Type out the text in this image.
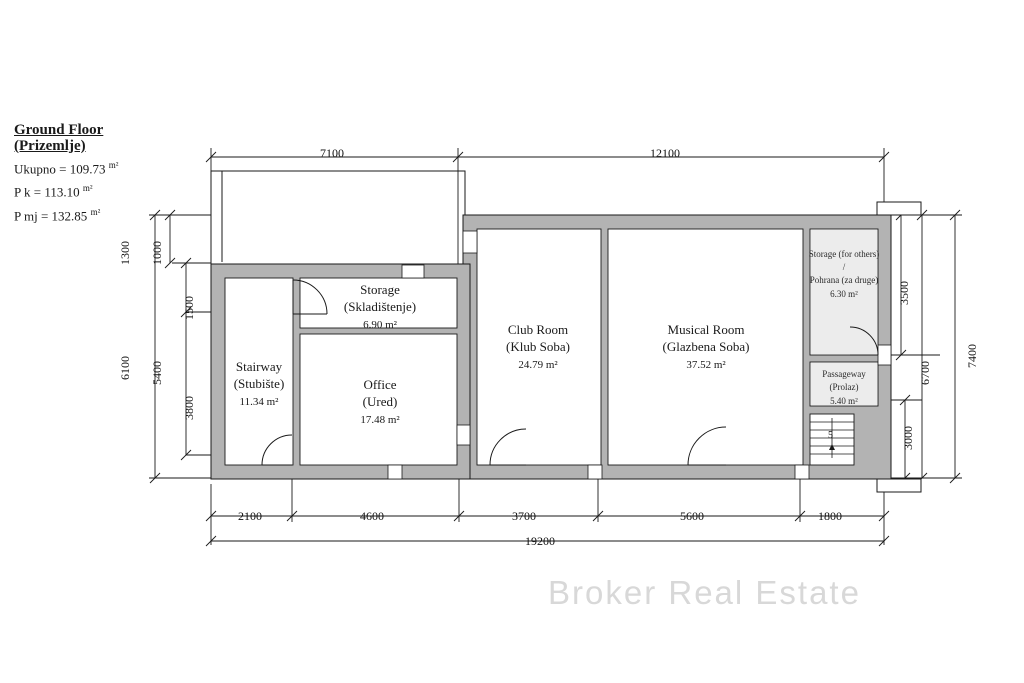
Ground Floor
(Prizemlje)
Ukupno = 109.73 $^{m^2}$
P k = 113.10 $^{m^2}$
P mj = 132.85 $^{m^2}$
Stairway
(Stubište)
11.34 m²
Storage
(Skladištenje)
6.90 m²
Office
(Ured)
17.48 m²
Club Room
(Klub Soba)
24.79 m²
Musical Room
(Glazbena Soba)
37.52 m²
Storage (for others) /
Pohrana (za druge)
6.30 m²
Passageway
(Prolaz)
5.40 m²
7100	12100
2100	4600	3700	5600	1800
19200
1300 1000
1500
6100 5400
3800
3500
6700
7400
3000
5
Broker Real Estate
